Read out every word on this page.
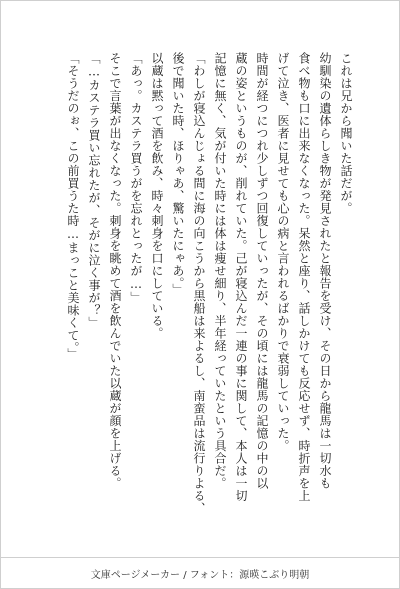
これは兄から聞いた話だが。
幼馴染の遺体らしき物が発見されたと報告を受け、その日から龍馬は一切水も
食べ物も口に出来なくなった。呆然と座り、話しかけても反応せず、時折声を上
げて泣き、医者に見せても心の病と言われるばかりで衰弱していった。
時間が経つにつれ少しずつ回復していったが、その頃には龍馬の記憶の中の以
蔵の姿というものが、削れていた。己が寝込んだ一連の事に関して、本人は一切
記憶に無く、気が付いた時には体は痩せ細り、半年経っていたという具合だ。
「わしが寝込んじょる間に海の向こうから黒船は来よるし、南蛮品は流行りよる、
後で聞いた時、ほりゃあ、驚いたにゃあ。」
以蔵は黙って酒を飲み、時々刺身を口にしている。
「あっ。カステラ買うがを忘れとったが…」
そこで言葉が出なくなった。刺身を眺めて酒を飲んでいた以蔵が顔を上げる。
「…カステラ買い忘れたが、そがに泣く事が？」
「そうだのぉ、この前買うた時…まっこと美味くて。」
文庫ページメーカー / フォント：源暎こぶり明朝
